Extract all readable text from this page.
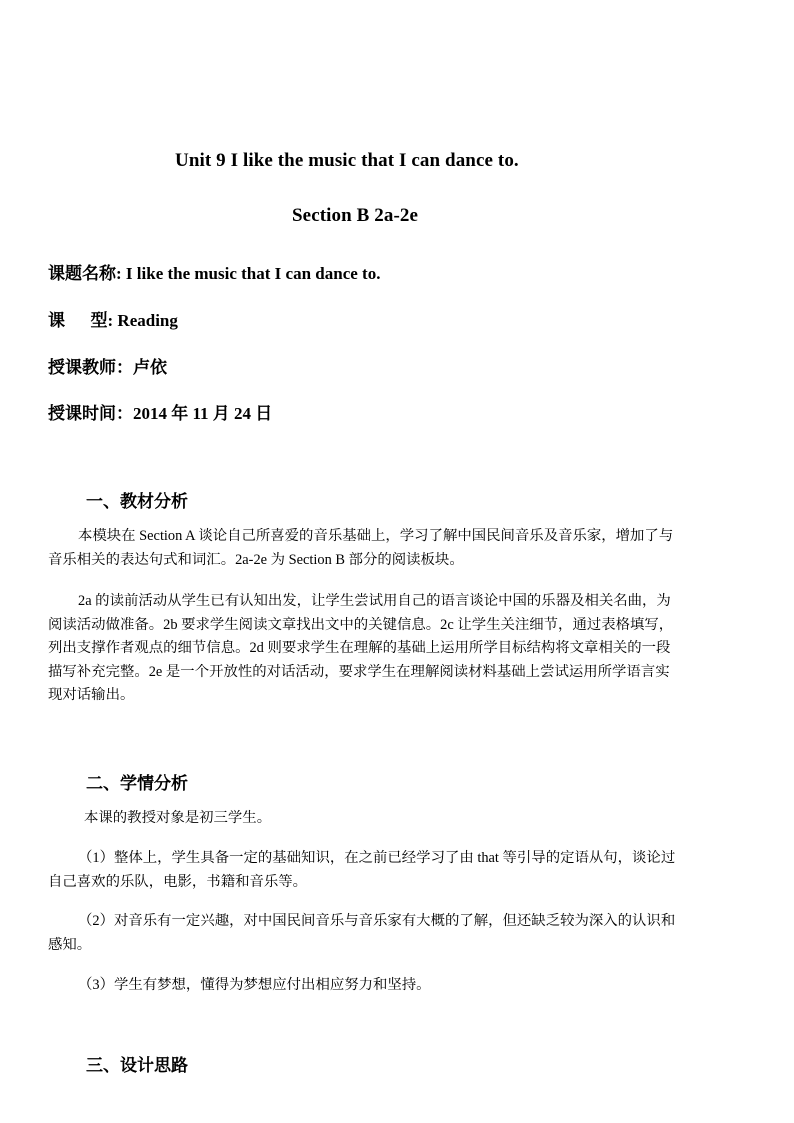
Unit 9 I like the music that I can dance to.
Section B 2a-2e
课题名称: I like the music that I can dance to.
课      型: Reading
授课教师：卢依
授课时间：2014 年 11 月 24 日
一、教材分析
本模块在 Section A 谈论自己所喜爱的音乐基础上，学习了解中国民间音乐及音乐家，增加了与
音乐相关的表达句式和词汇。2a-2e 为 Section B 部分的阅读板块。
2a 的读前活动从学生已有认知出发，让学生尝试用自己的语言谈论中国的乐器及相关名曲，为
阅读活动做准备。2b 要求学生阅读文章找出文中的关键信息。2c 让学生关注细节，通过表格填写，
列出支撑作者观点的细节信息。2d 则要求学生在理解的基础上运用所学目标结构将文章相关的一段
描写补充完整。2e 是一个开放性的对话活动，要求学生在理解阅读材料基础上尝试运用所学语言实
现对话输出。
二、学情分析
本课的教授对象是初三学生。
（1）整体上，学生具备一定的基础知识，在之前已经学习了由 that 等引导的定语从句，谈论过
自己喜欢的乐队，电影，书籍和音乐等。
（2）对音乐有一定兴趣，对中国民间音乐与音乐家有大概的了解，但还缺乏较为深入的认识和
感知。
（3）学生有梦想，懂得为梦想应付出相应努力和坚持。
三、设计思路
